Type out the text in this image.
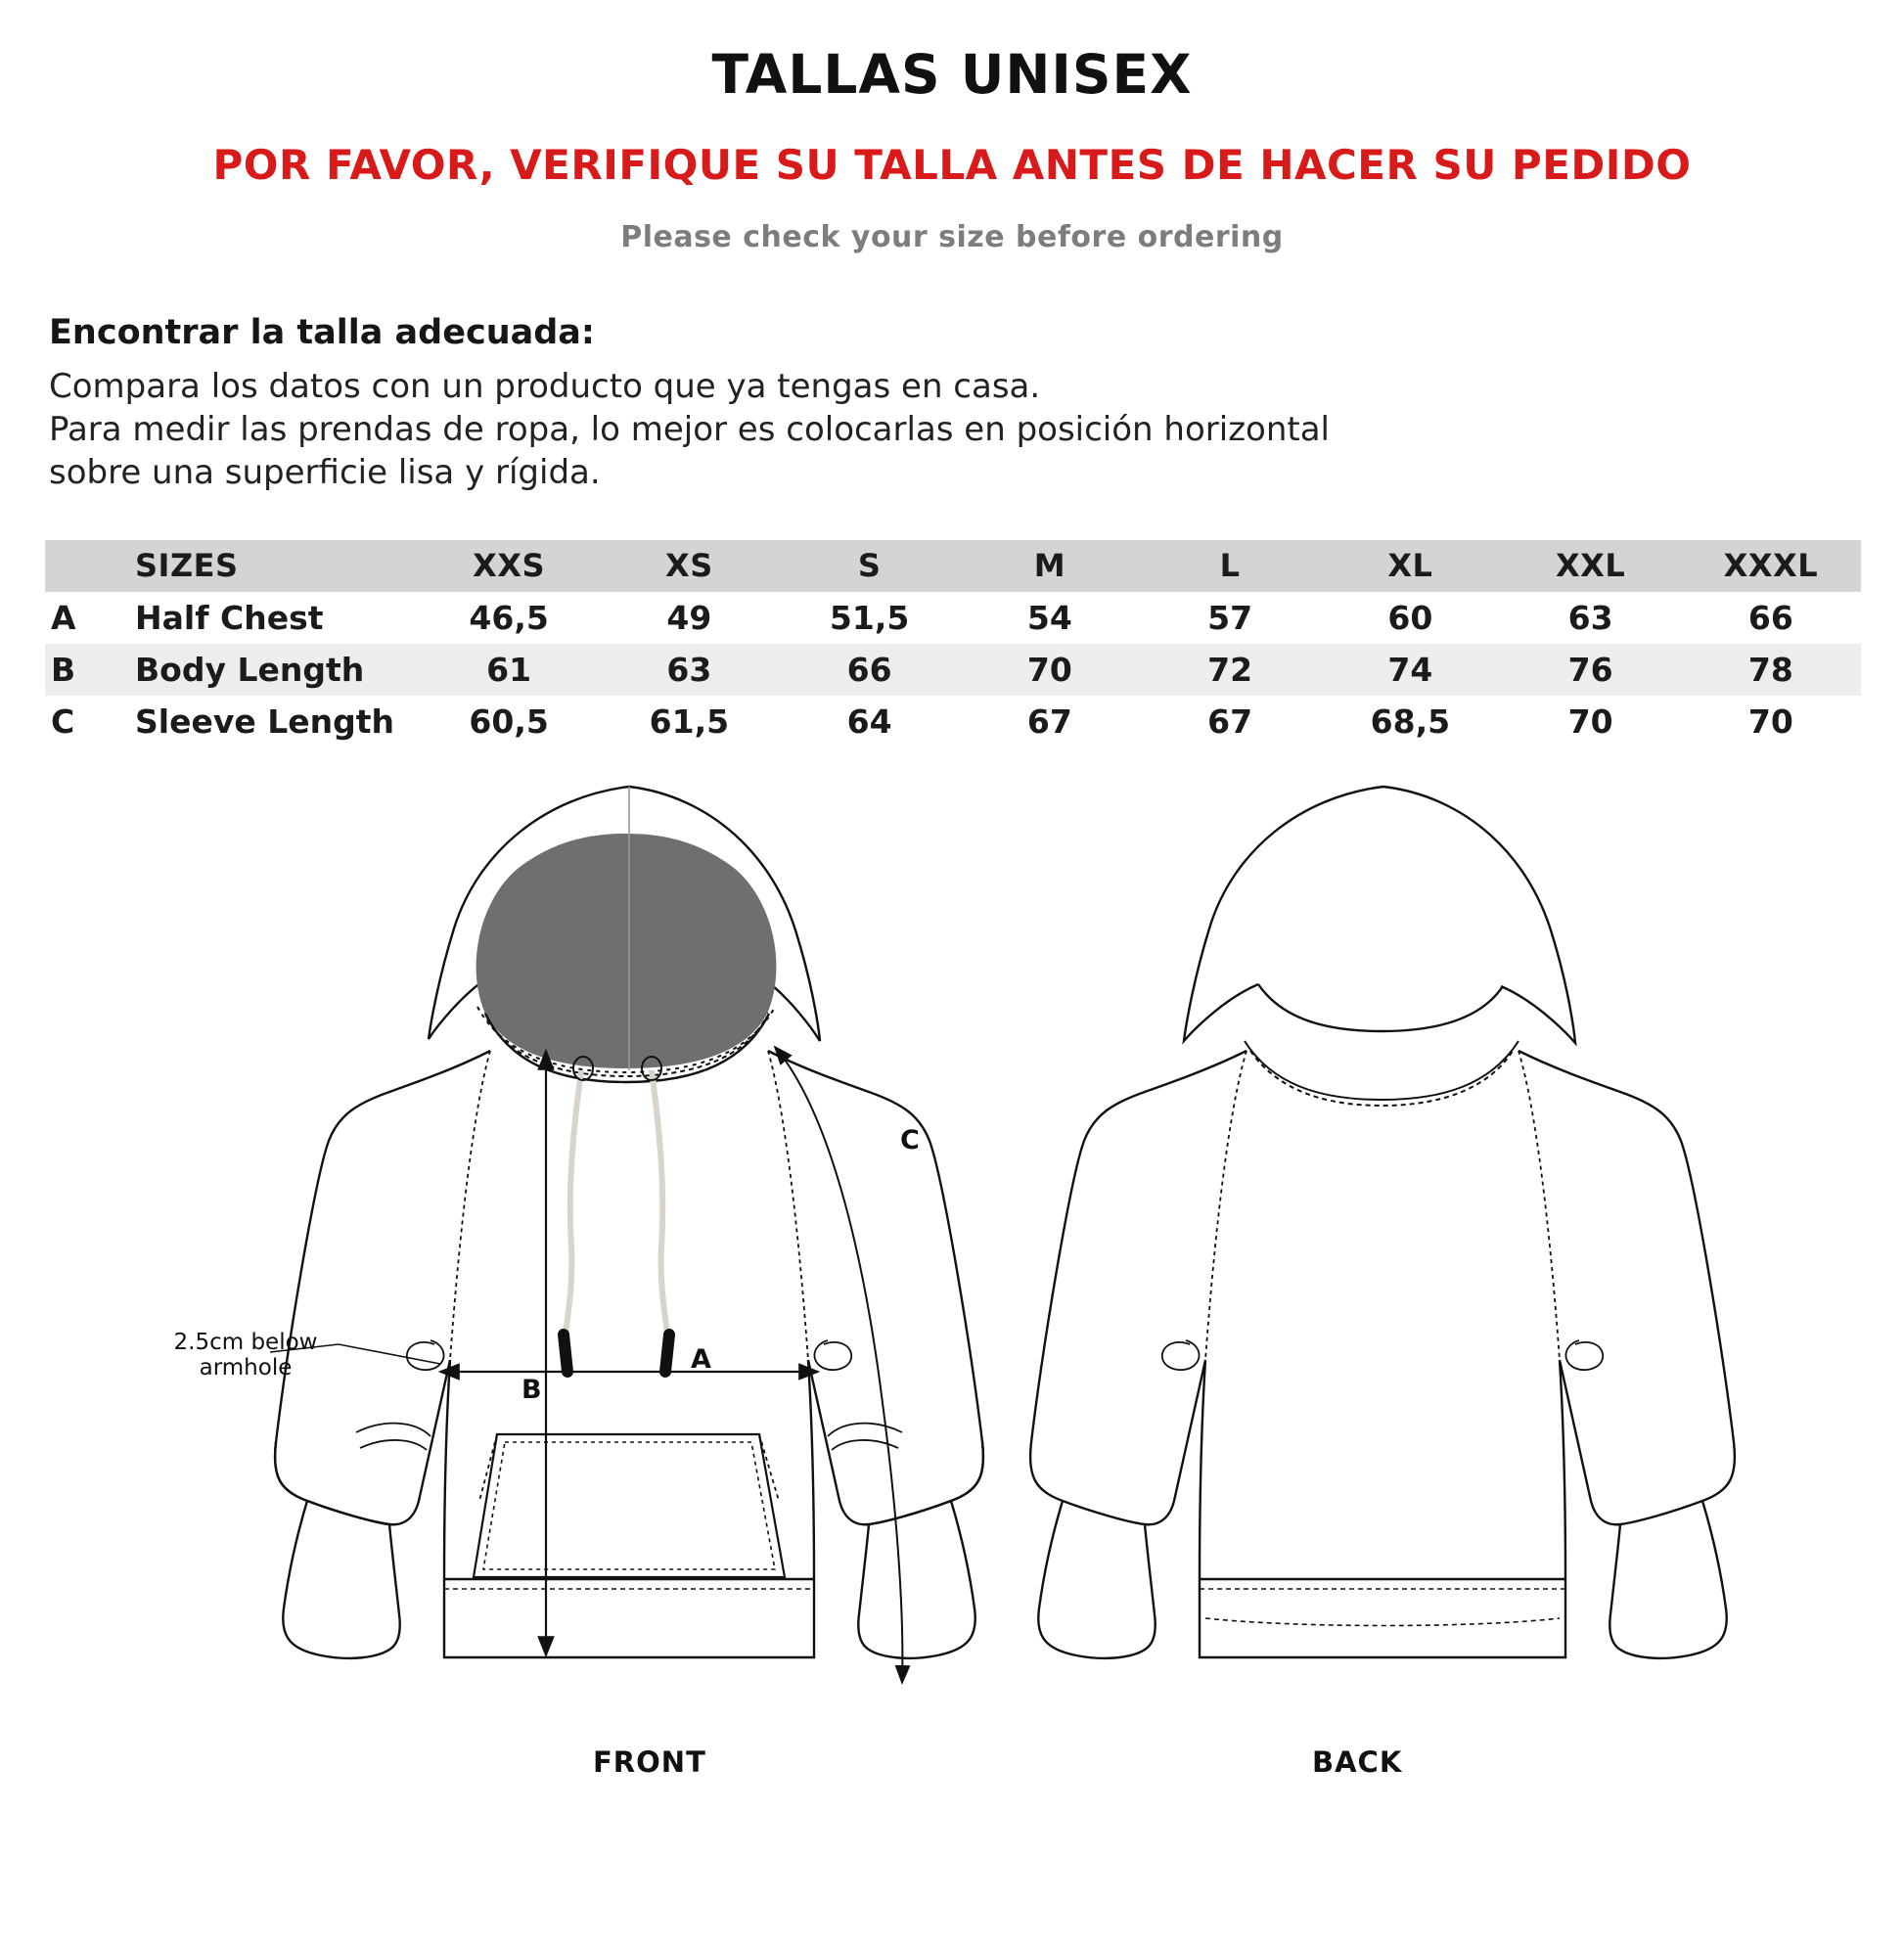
TALLAS UNISEX
POR FAVOR, VERIFIQUE SU TALLA ANTES DE HACER SU PEDIDO
Please check your size before ordering
Encontrar la talla adecuada:
Compara los datos con un producto que ya tengas en casa.
Para medir las prendas de ropa, lo mejor es colocarlas en posición horizontal
sobre una superficie lisa y rígida.
	SIZES	XXS	XS	S	M	L	XL	XXL	XXXL
A	Half Chest	46,5	49	51,5	54	57	60	63	66
B	Body Length	61	63	66	70	72	74	76	78
C	Sleeve Length	60,5	61,5	64	67	67	68,5	70	70
A
B
C
2.5cm below
armhole
FRONT	BACK
